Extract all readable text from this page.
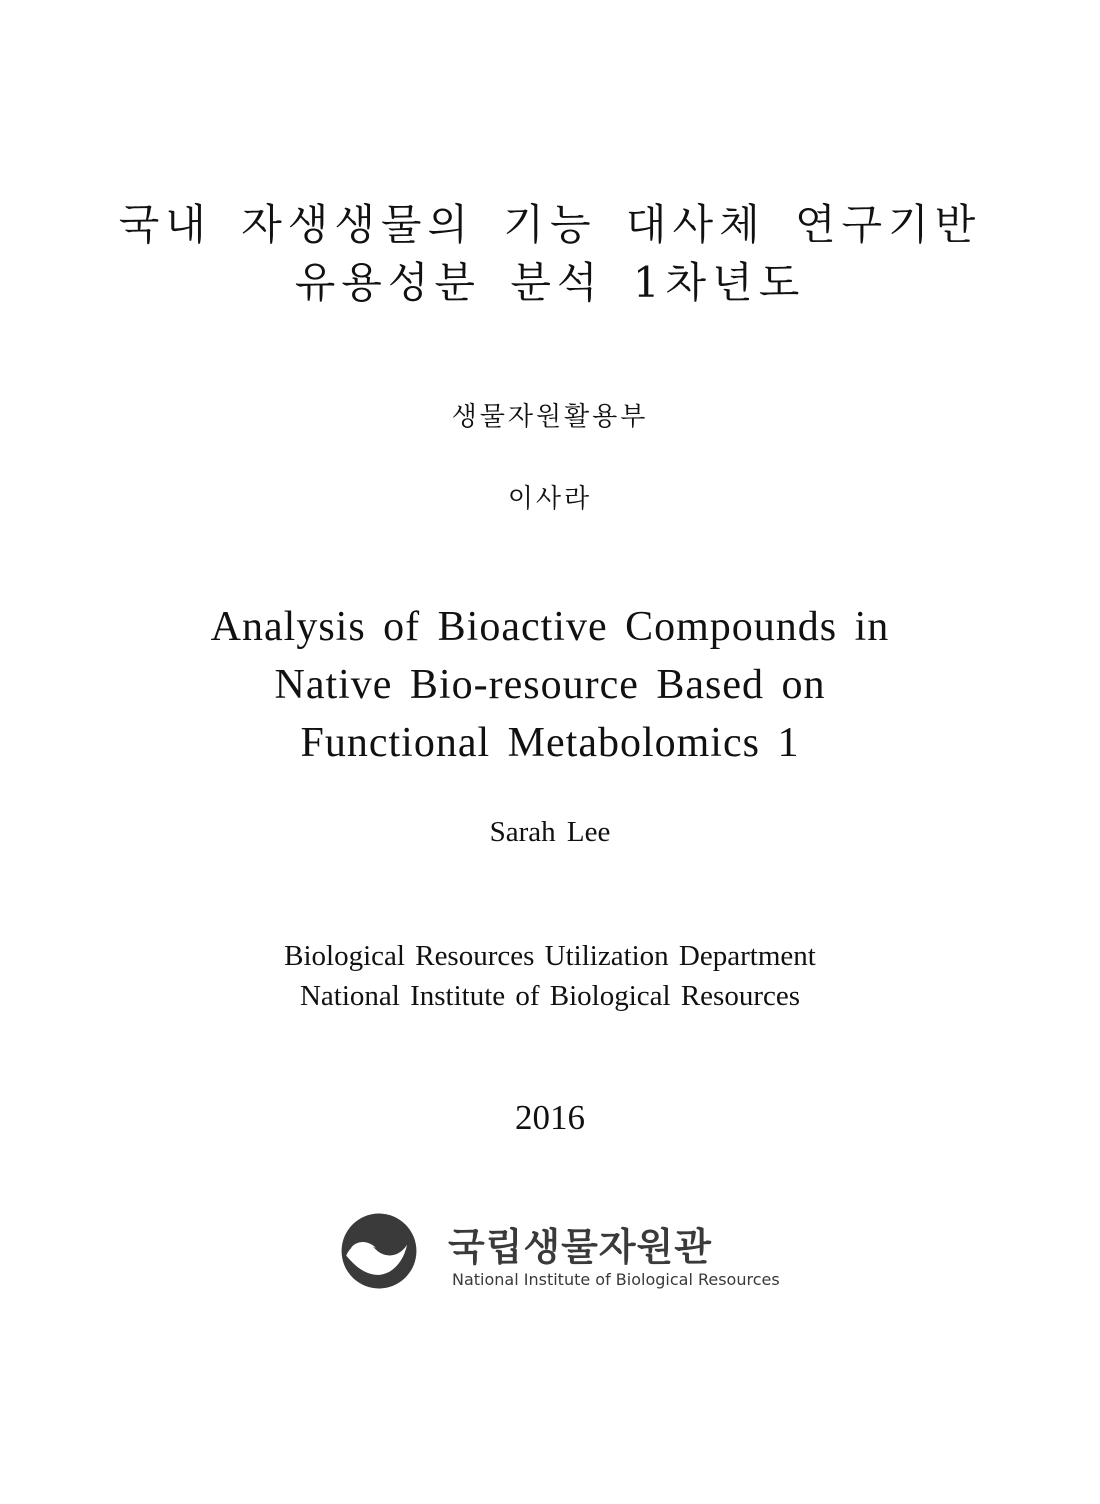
국내 자생생물의 기능 대사체 연구기반
유용성분 분석 1차년도
생물자원활용부
이사라
Analysis of Bioactive Compounds in
Native Bio-resource Based on
Functional Metabolomics 1
Sarah Lee
Biological Resources Utilization Department
National Institute of Biological Resources
2016
국립생물자원관
National Institute of Biological Resources
